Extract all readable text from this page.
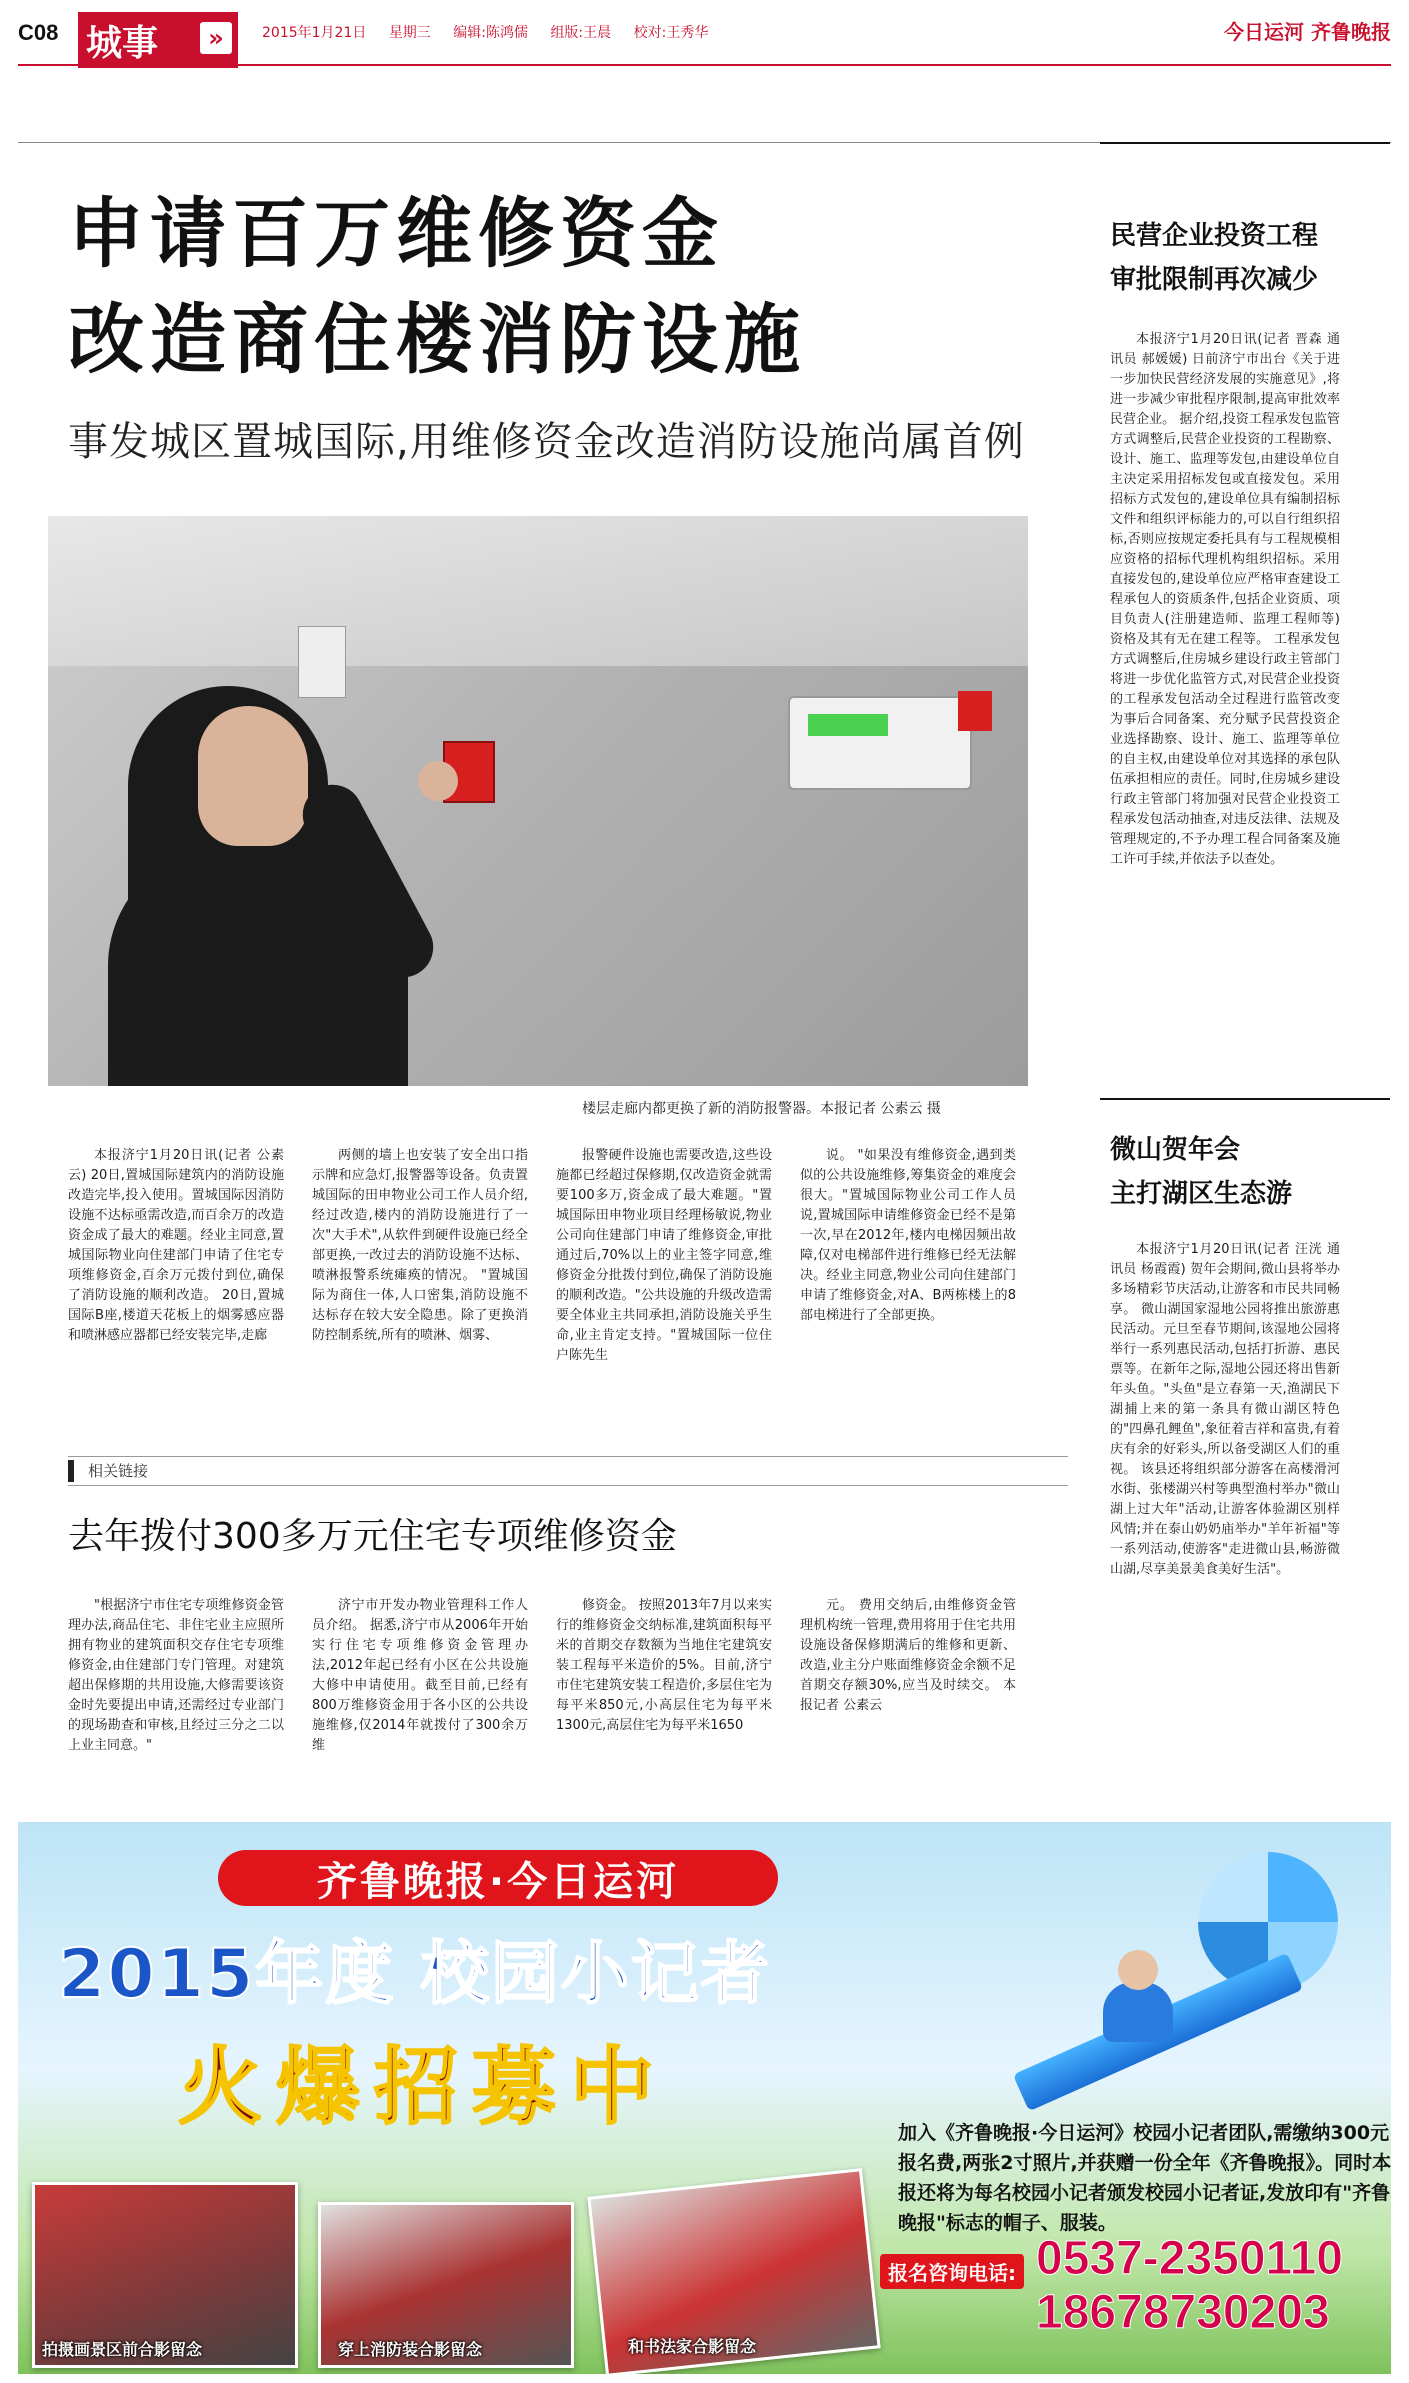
C08 城事	»	2015年1月21日 星期三 编辑:陈鸿儒 组版:王晨 校对:王秀华	今日运河 齐鲁晚报
申请百万维修资金
改造商住楼消防设施
事发城区置城国际,用维修资金改造消防设施尚属首例
楼层走廊内都更换了新的消防报警器。本报记者 公素云 摄

本报济宁1月20日讯(记者 公素云) 20日,置城国际建筑内的消防设施改造完毕,投入使用。置城国际因消防设施不达标亟需改造,而百余万的改造资金成了最大的难题。经业主同意,置城国际物业向住建部门申请了住宅专项维修资金,百余万元拨付到位,确保了消防设施的顺利改造。 20日,置城国际B座,楼道天花板上的烟雾感应器和喷淋感应器都已经安装完毕,走廊

两侧的墙上也安装了安全出口指示牌和应急灯,报警器等设备。负责置城国际的田申物业公司工作人员介绍,经过改造,楼内的消防设施进行了一次"大手术",从软件到硬件设施已经全部更换,一改过去的消防设施不达标、喷淋报警系统瘫痪的情况。 "置城国际为商住一体,人口密集,消防设施不达标存在较大安全隐患。除了更换消防控制系统,所有的喷淋、烟雾、

报警硬件设施也需要改造,这些设施都已经超过保修期,仅改造资金就需要100多万,资金成了最大难题。"置城国际田申物业项目经理杨敏说,物业公司向住建部门申请了维修资金,审批通过后,70%以上的业主签字同意,维修资金分批拨付到位,确保了消防设施的顺利改造。"公共设施的升级改造需要全体业主共同承担,消防设施关乎生命,业主肯定支持。"置城国际一位住户陈先生

说。 "如果没有维修资金,遇到类似的公共设施维修,筹集资金的难度会很大。"置城国际物业公司工作人员说,置城国际申请维修资金已经不是第一次,早在2012年,楼内电梯因频出故障,仅对电梯部件进行维修已经无法解决。经业主同意,物业公司向住建部门申请了维修资金,对A、B两栋楼上的8部电梯进行了全部更换。

相关链接
去年拨付300多万元住宅专项维修资金

"根据济宁市住宅专项维修资金管理办法,商品住宅、非住宅业主应照所拥有物业的建筑面积交存住宅专项维修资金,由住建部门专门管理。对建筑超出保修期的共用设施,大修需要该资金时先要提出申请,还需经过专业部门的现场勘查和审核,且经过三分之二以上业主同意。"

济宁市开发办物业管理科工作人员介绍。 据悉,济宁市从2006年开始实行住宅专项维修资金管理办法,2012年起已经有小区在公共设施大修中申请使用。截至目前,已经有800万维修资金用于各小区的公共设施维修,仅2014年就拨付了300余万维

修资金。 按照2013年7月以来实行的维修资金交纳标准,建筑面积每平米的首期交存数额为当地住宅建筑安装工程每平米造价的5%。目前,济宁市住宅建筑安装工程造价,多层住宅为每平米850元,小高层住宅为每平米1300元,高层住宅为每平米1650

元。 费用交纳后,由维修资金管理机构统一管理,费用将用于住宅共用设施设备保修期满后的维修和更新、改造,业主分户账面维修资金余额不足首期交存额30%,应当及时续交。 本报记者 公素云

民营企业投资工程
审批限制再次减少

本报济宁1月20日讯(记者 晋森 通讯员 郝媛媛) 日前济宁市出台《关于进一步加快民营经济发展的实施意见》,将进一步减少审批程序限制,提高审批效率民营企业。 据介绍,投资工程承发包监管方式调整后,民营企业投资的工程勘察、设计、施工、监理等发包,由建设单位自主决定采用招标发包或直接发包。采用招标方式发包的,建设单位具有编制招标文件和组织评标能力的,可以自行组织招标,否则应按规定委托具有与工程规模相应资格的招标代理机构组织招标。采用直接发包的,建设单位应严格审查建设工程承包人的资质条件,包括企业资质、项目负责人(注册建造师、监理工程师等)资格及其有无在建工程等。 工程承发包方式调整后,住房城乡建设行政主管部门将进一步优化监管方式,对民营企业投资的工程承发包活动全过程进行监管改变为事后合同备案、充分赋予民营投资企业选择勘察、设计、施工、监理等单位的自主权,由建设单位对其选择的承包队伍承担相应的责任。同时,住房城乡建设行政主管部门将加强对民营企业投资工程承发包活动抽查,对违反法律、法规及管理规定的,不予办理工程合同备案及施工许可手续,并依法予以查处。

微山贺年会
主打湖区生态游

本报济宁1月20日讯(记者 汪洸 通讯员 杨霞霞) 贺年会期间,微山县将举办多场精彩节庆活动,让游客和市民共同畅享。 微山湖国家湿地公园将推出旅游惠民活动。元旦至春节期间,该湿地公园将举行一系列惠民活动,包括打折游、惠民票等。在新年之际,湿地公园还将出售新年头鱼。"头鱼"是立春第一天,渔湖民下湖捕上来的第一条具有微山湖区特色的"四鼻孔鲤鱼",象征着吉祥和富贵,有着庆有余的好彩头,所以备受湖区人们的重视。 该县还将组织部分游客在高楼滑河水街、张楼湖兴村等典型渔村举办"微山湖上过大年"活动,让游客体验湖区别样风情;并在泰山奶奶庙举办"羊年祈福"等一系列活动,使游客"走进微山县,畅游微山湖,尽享美景美食美好生活"。

齐鲁晚报·今日运河
2015年度 校园小记者
火爆招募中	加入《齐鲁晚报·今日运河》校园小记者团队,需缴纳300元报名费,两张2寸照片,并获赠一份全年《齐鲁晚报》。同时本报还将为每名校园小记者颁发校园小记者证,发放印有"齐鲁晚报"标志的帽子、服装。
报名咨询电话: 0537-2350110
18678730203
拍摄画景区前合影留念	穿上消防装合影留念	和书法家合影留念
